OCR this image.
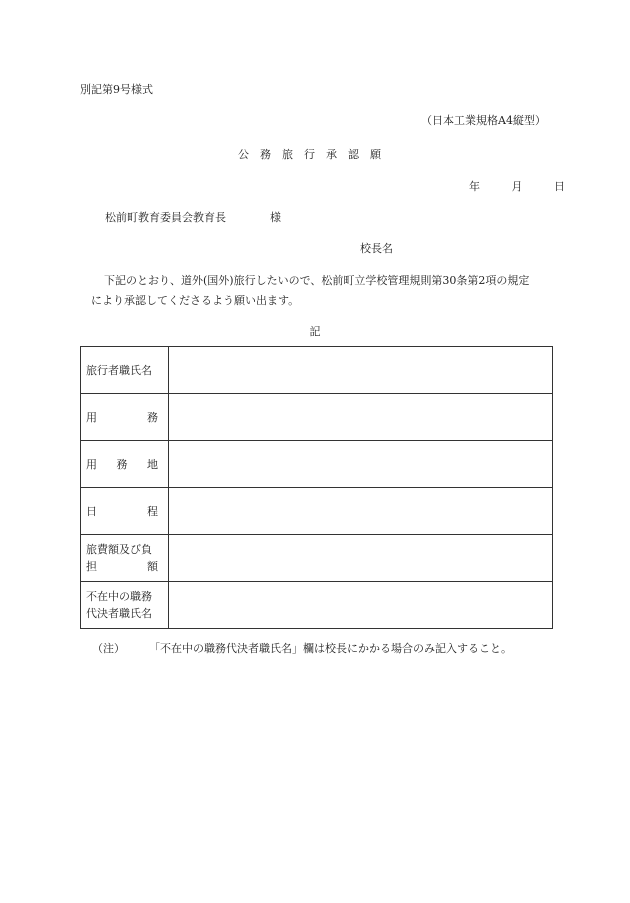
別記第9号様式
（日本工業規格A4縦型）
公務旅行承認願
年	月	日
松前町教育委員会教育長	様
校長名
下記のとおり、道外(国外)旅行したいので、松前町立学校管理規則第30条第2項の規定
により承認してくださるよう願い出ます。
記
旅行者職氏名	

用 務	

用 務 地	

日 程	

旅費額及び負
担 額	

不在中の職務
代決者職氏名	

（注） 「不在中の職務代決者職氏名」欄は校長にかかる場合のみ記入すること。
